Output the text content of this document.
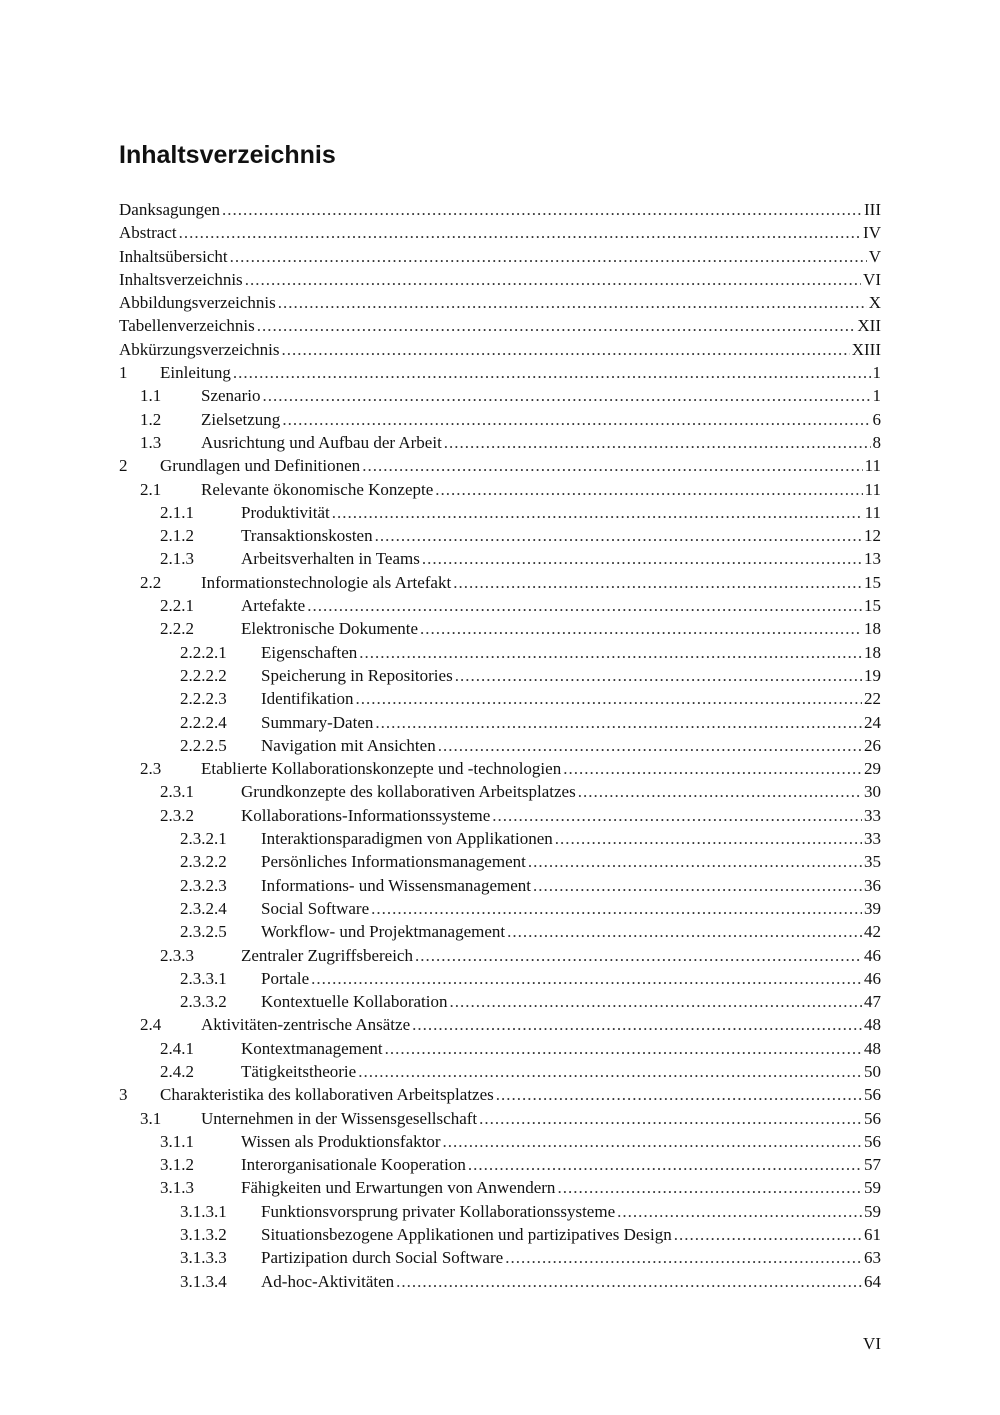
Inhaltsverzeichnis
Danksagungen .....	III
Abstract .....	IV
Inhaltsübersicht .....	V
Inhaltsverzeichnis .....	VI
Abbildungsverzeichnis .....	X
Tabellenverzeichnis .....	XII
Abkürzungsverzeichnis .....	XIII
1	Einleitung .....	1
1.1	Szenario .....	1
1.2	Zielsetzung .....	6
1.3	Ausrichtung und Aufbau der Arbeit .....	8
2	Grundlagen und Definitionen .....	11
2.1	Relevante ökonomische Konzepte .....	11
2.1.1	Produktivität .....	11
2.1.2	Transaktionskosten .....	12
2.1.3	Arbeitsverhalten in Teams .....	13
2.2	Informationstechnologie als Artefakt .....	15
2.2.1	Artefakte .....	15
2.2.2	Elektronische Dokumente .....	18
2.2.2.1	Eigenschaften .....	18
2.2.2.2	Speicherung in Repositories .....	19
2.2.2.3	Identifikation .....	22
2.2.2.4	Summary-Daten .....	24
2.2.2.5	Navigation mit Ansichten .....	26
2.3	Etablierte Kollaborationskonzepte und -technologien .....	29
2.3.1	Grundkonzepte des kollaborativen Arbeitsplatzes .....	30
2.3.2	Kollaborations-Informationssysteme .....	33
2.3.2.1	Interaktionsparadigmen von Applikationen .....	33
2.3.2.2	Persönliches Informationsmanagement .....	35
2.3.2.3	Informations- und Wissensmanagement .....	36
2.3.2.4	Social Software .....	39
2.3.2.5	Workflow- und Projektmanagement .....	42
2.3.3	Zentraler Zugriffsbereich .....	46
2.3.3.1	Portale .....	46
2.3.3.2	Kontextuelle Kollaboration .....	47
2.4	Aktivitäten-zentrische Ansätze .....	48
2.4.1	Kontextmanagement .....	48
2.4.2	Tätigkeitstheorie .....	50
3	Charakteristika des kollaborativen Arbeitsplatzes .....	56
3.1	Unternehmen in der Wissensgesellschaft .....	56
3.1.1	Wissen als Produktionsfaktor .....	56
3.1.2	Interorganisationale Kooperation .....	57
3.1.3	Fähigkeiten und Erwartungen von Anwendern .....	59
3.1.3.1	Funktionsvorsprung privater Kollaborationssysteme .....	59
3.1.3.2	Situationsbezogene Applikationen und partizipatives Design .....	61
3.1.3.3	Partizipation durch Social Software .....	63
3.1.3.4	Ad-hoc-Aktivitäten .....	64
VI
